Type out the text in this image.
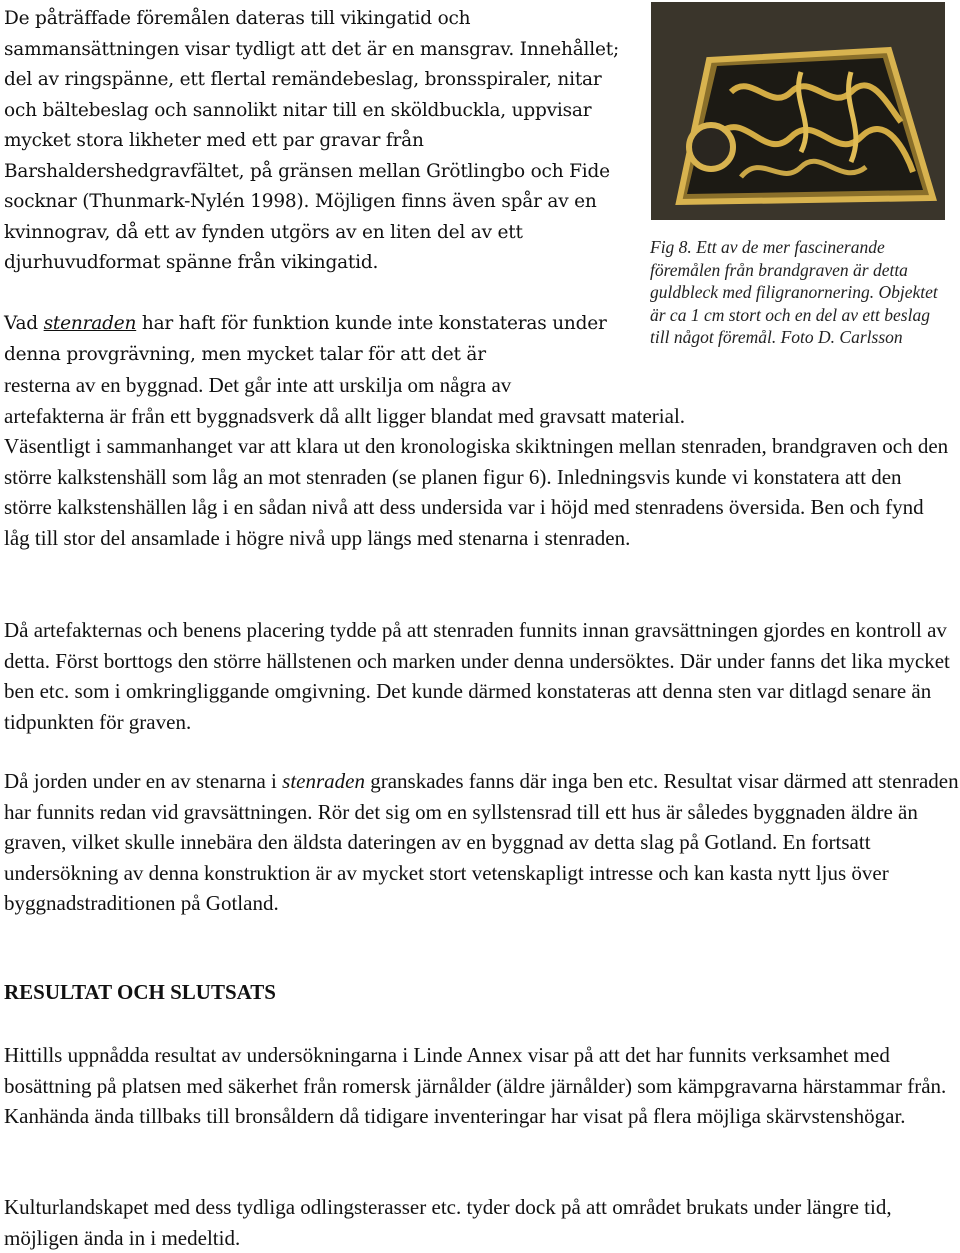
De påträffade föremålen dateras till vikingatid och sammansättningen visar tydligt att det är en mansgrav. Innehållet; del av ringspänne, ett flertal remändebeslag, bronsspiraler, nitar och bältebeslag och sannolikt nitar till en sköldbuckla, uppvisar mycket stora likheter med ett par gravar från Barshaldershedgravfältet, på gränsen mellan Grötlingbo och Fide socknar (Thunmark-Nylén 1998). Möjligen finns även spår av en kvinnograv, då ett av fynden utgörs av en liten del av ett djurhuvudformat spänne från vikingatid.

Vad stenraden har haft för funktion kunde inte konstateras under denna provgrävning, men mycket talar för att det är

resterna av en byggnad. Det går inte att urskilja om några av
artefakterna är från ett byggnadsverk då allt ligger blandat med gravsatt material.
Väsentligt i sammanhanget var att klara ut den kronologiska skiktningen mellan stenraden, brandgraven och den större kalkstenshäll som låg an mot stenraden (se planen figur 6). Inledningsvis kunde vi konstatera att den större kalkstenshällen låg i en sådan nivå att dess undersida var i höjd med stenradens översida. Ben och fynd låg till stor del ansamlade i högre nivå upp längs med stenarna i stenraden.

Fig 8. Ett av de mer fascinerande föremålen från brandgraven är detta guldbleck med filigranornering. Objektet är ca 1 cm stort och en del av ett beslag till något föremål. Foto D. Carlsson

Då artefakternas och benens placering tydde på att stenraden funnits innan gravsättningen gjordes en kontroll av detta. Först borttogs den större hällstenen och marken under denna undersöktes. Där under fanns det lika mycket ben etc. som i omkringliggande omgivning. Det kunde därmed konstateras att denna sten var ditlagd senare än tidpunkten för graven.

Då jorden under en av stenarna i stenraden granskades fanns där inga ben etc. Resultat visar därmed att stenraden har funnits redan vid gravsättningen. Rör det sig om en syllstensrad till ett hus är således byggnaden äldre än graven, vilket skulle innebära den äldsta dateringen av en byggnad av detta slag på Gotland. En fortsatt undersökning av denna konstruktion är av mycket stort vetenskapligt intresse och kan kasta nytt ljus över byggnadstraditionen på Gotland.

RESULTAT OCH SLUTSATS

Hittills uppnådda resultat av undersökningarna i Linde Annex visar på att det har funnits verksamhet med bosättning på platsen med säkerhet från romersk järnålder (äldre järnålder) som kämpgravarna härstammar från. Kanhända ända tillbaks till bronsåldern då tidigare inventeringar har visat på flera möjliga skärvstenshögar.

Kulturlandskapet med dess tydliga odlingsterasser etc. tyder dock på att området brukats under längre tid, möjligen ända in i medeltid.
